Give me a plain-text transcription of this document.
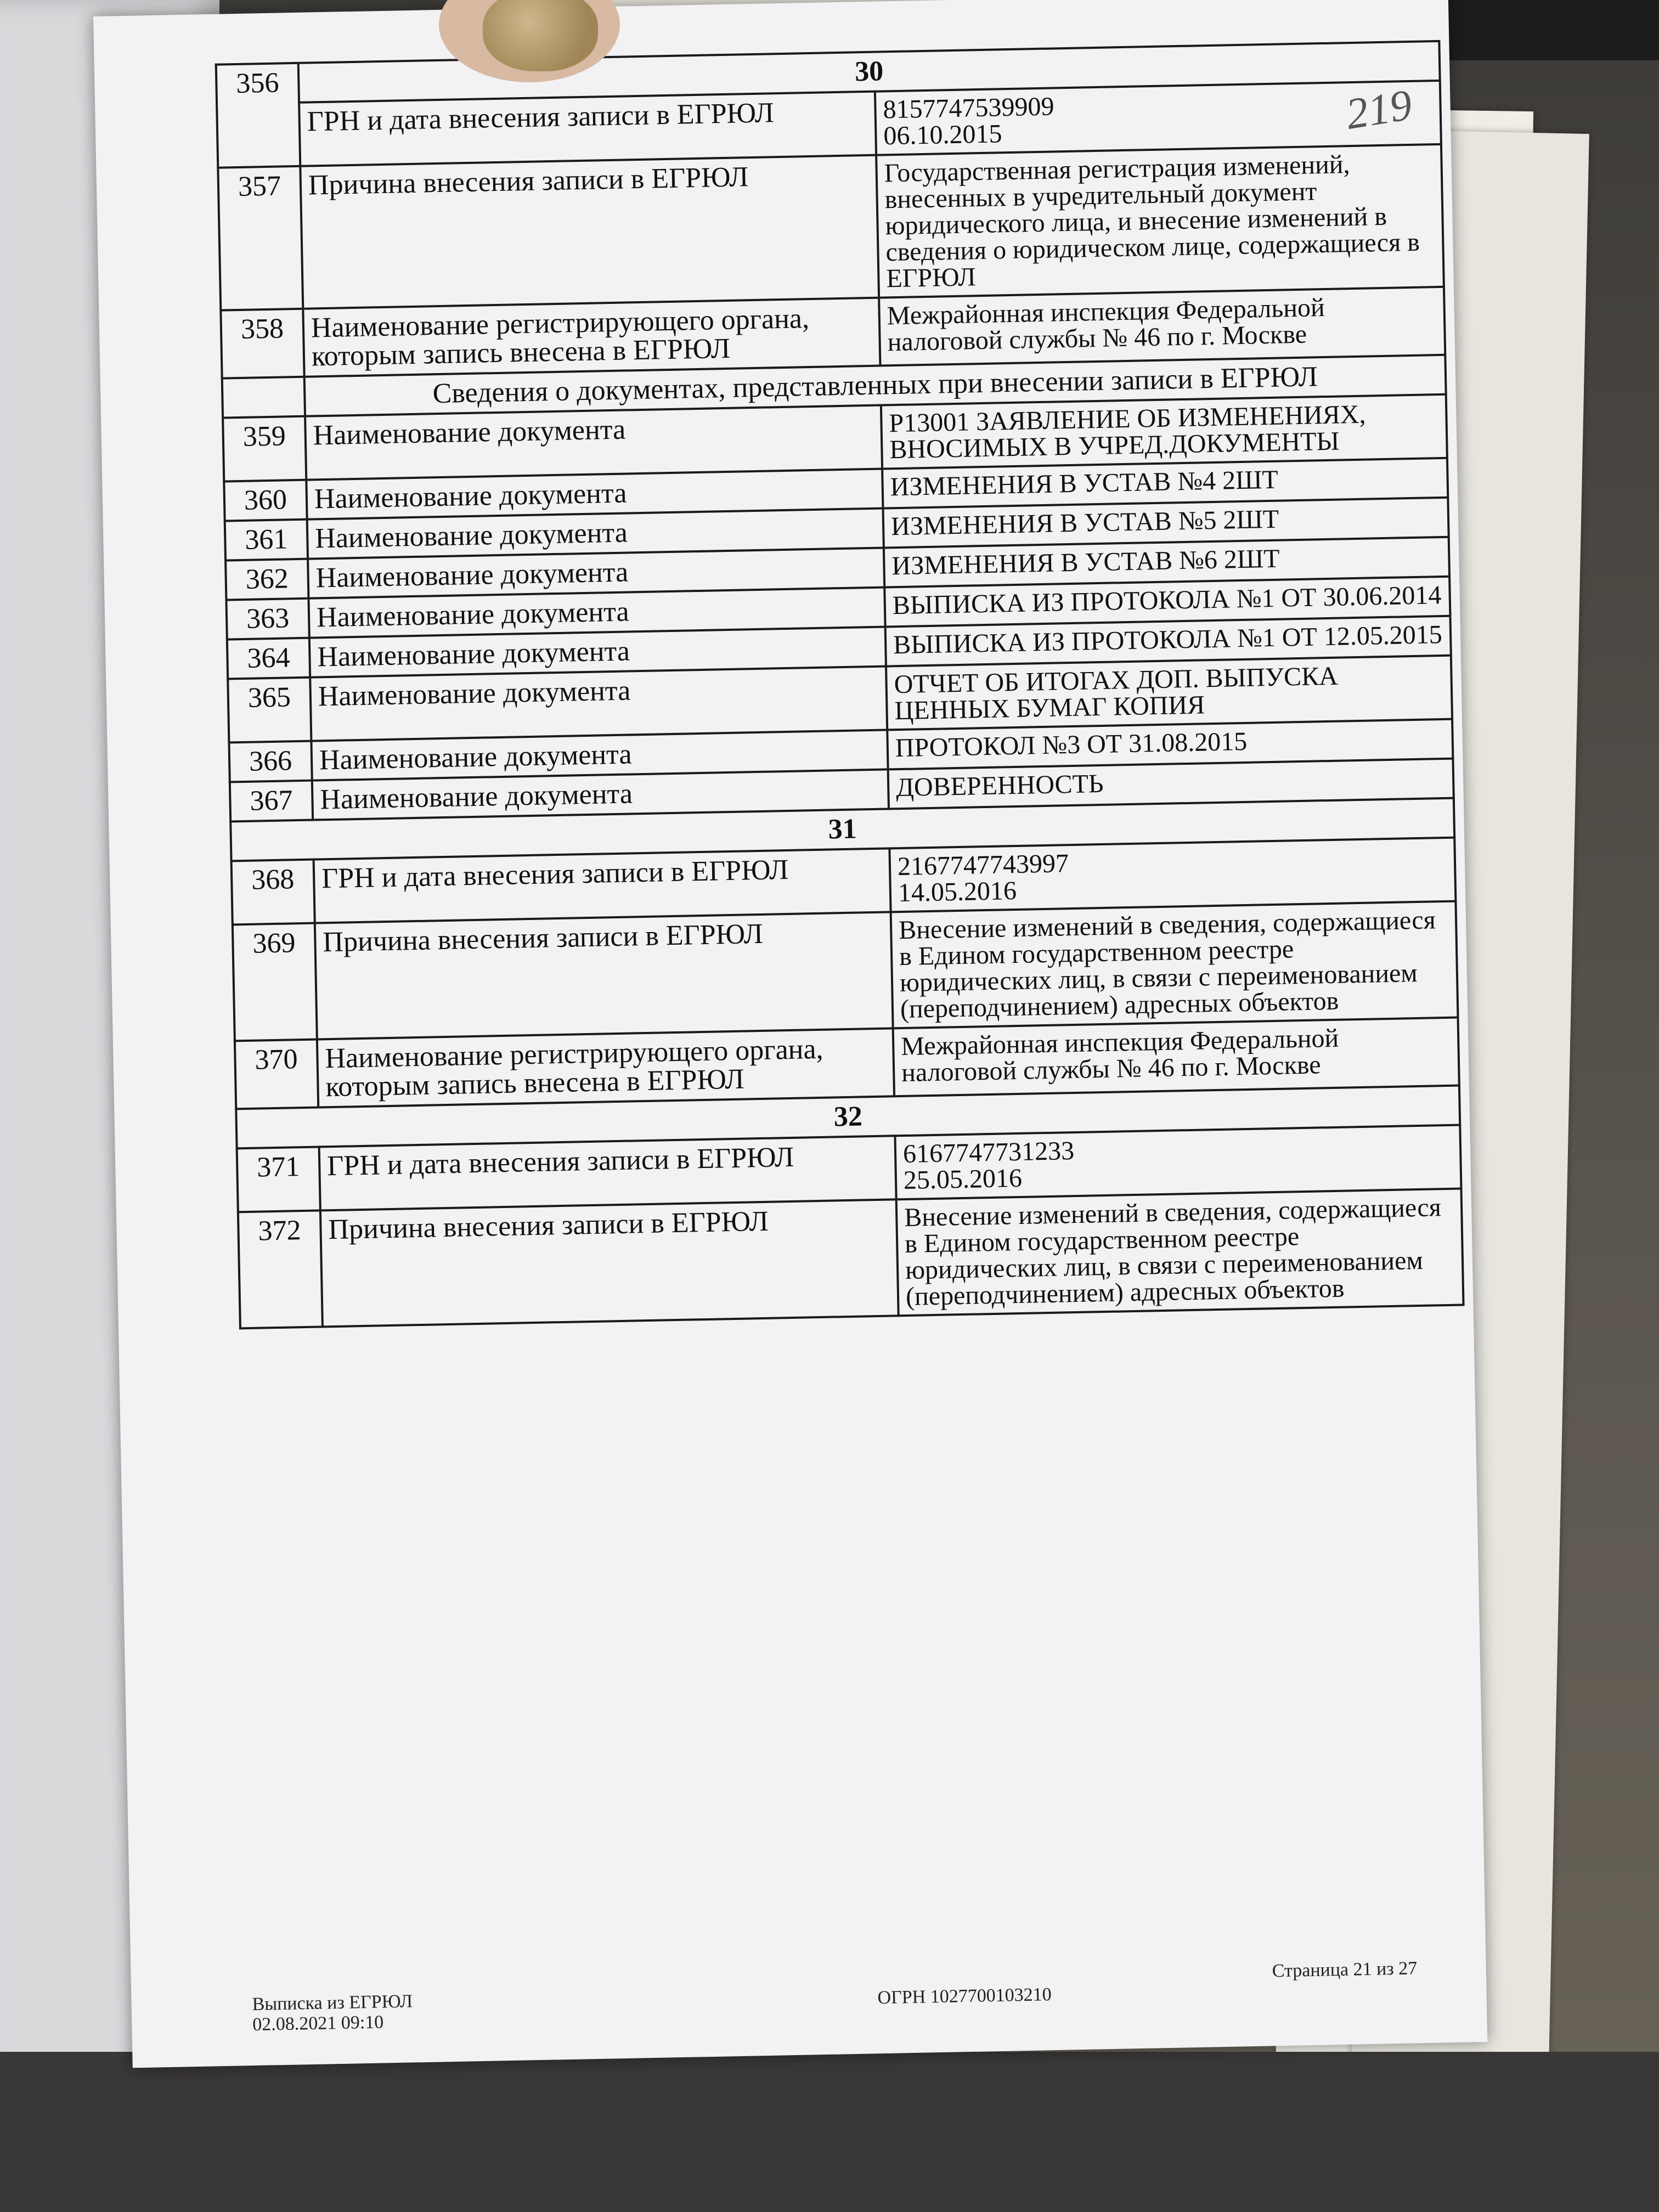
219
356	30	
	ГРН и дата внесения записи в ЕГРЮЛ	8157747539909
06.10.2015
357	Причина внесения записи в ЕГРЮЛ	Государственная регистрация изменений, внесенных в учредительный документ юридического лица, и внесение изменений в сведения о юридическом лице, содержащиеся в ЕГРЮЛ
358	Наименование регистрирующего органа, которым запись внесена в ЕГРЮЛ	Межрайонная инспекция Федеральной налоговой службы № 46 по г. Москве
	Сведения о документах, представленных при внесении записи в ЕГРЮЛ	
359	Наименование документа	Р13001 ЗАЯВЛЕНИЕ ОБ ИЗМЕНЕНИЯХ, ВНОСИМЫХ В УЧРЕД.ДОКУМЕНТЫ
360	Наименование документа	ИЗМЕНЕНИЯ В УСТАВ №4 2ШТ
361	Наименование документа	ИЗМЕНЕНИЯ В УСТАВ №5 2ШТ
362	Наименование документа	ИЗМЕНЕНИЯ В УСТАВ №6 2ШТ
363	Наименование документа	ВЫПИСКА ИЗ ПРОТОКОЛА №1 ОТ 30.06.2014
364	Наименование документа	ВЫПИСКА ИЗ ПРОТОКОЛА №1 ОТ 12.05.2015
365	Наименование документа	ОТЧЕТ ОБ ИТОГАХ ДОП. ВЫПУСКА ЦЕННЫХ БУМАГ КОПИЯ
366	Наименование документа	ПРОТОКОЛ №3 ОТ 31.08.2015
367	Наименование документа	ДОВЕРЕННОСТЬ
31		
368	ГРН и дата внесения записи в ЕГРЮЛ	2167747743997
14.05.2016
369	Причина внесения записи в ЕГРЮЛ	Внесение изменений в сведения, содержащиеся в Едином государственном реестре юридических лиц, в связи с переименованием (переподчинением) адресных объектов
370	Наименование регистрирующего органа, которым запись внесена в ЕГРЮЛ	Межрайонная инспекция Федеральной налоговой службы № 46 по г. Москве
32		
371	ГРН и дата внесения записи в ЕГРЮЛ	6167747731233
25.05.2016
372	Причина внесения записи в ЕГРЮЛ	Внесение изменений в сведения, содержащиеся в Едином государственном реестре юридических лиц, в связи с переименованием (переподчинением) адресных объектов
Выписка из ЕГРЮЛ
02.08.2021 09:10
ОГРН 1027700103210
Страница 21 из 27
